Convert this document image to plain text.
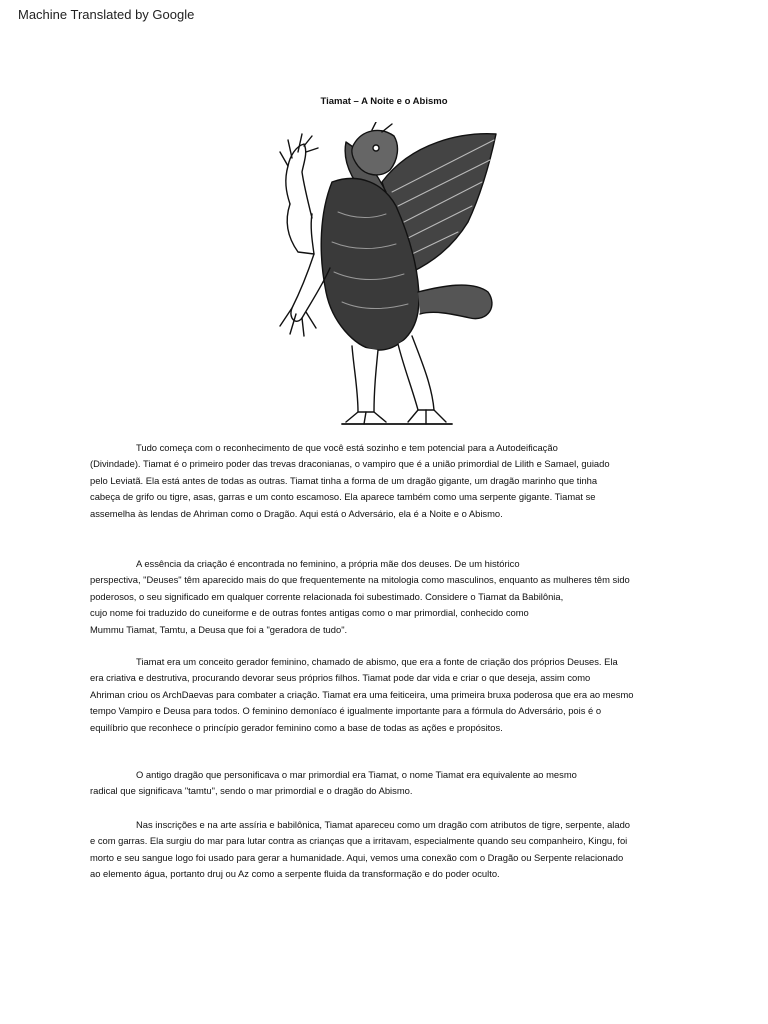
Machine Translated by Google
Tiamat – A Noite e o Abismo
Tudo começa com o reconhecimento de que você está sozinho e tem potencial para a Autodeificação
(Divindade). Tiamat é o primeiro poder das trevas draconianas, o vampiro que é a união primordial de Lilith e Samael, guiado
pelo Leviatã. Ela está antes de todas as outras. Tiamat tinha a forma de um dragão gigante, um dragão marinho que tinha
cabeça de grifo ou tigre, asas, garras e um conto escamoso. Ela aparece também como uma serpente gigante. Tiamat se
assemelha às lendas de Ahriman como o Dragão. Aqui está o Adversário, ela é a Noite e o Abismo.
A essência da criação é encontrada no feminino, a própria mãe dos deuses. De um histórico
perspectiva, "Deuses" têm aparecido mais do que frequentemente na mitologia como masculinos, enquanto as mulheres têm sido
poderosos, o seu significado em qualquer corrente relacionada foi subestimado. Considere o Tiamat da Babilônia,
cujo nome foi traduzido do cuneiforme e de outras fontes antigas como o mar primordial, conhecido como
Mummu Tiamat, Tamtu, a Deusa que foi a "geradora de tudo".
Tiamat era um conceito gerador feminino, chamado de abismo, que era a fonte de criação dos próprios Deuses. Ela
era criativa e destrutiva, procurando devorar seus próprios filhos. Tiamat pode dar vida e criar o que deseja, assim como
Ahriman criou os ArchDaevas para combater a criação. Tiamat era uma feiticeira, uma primeira bruxa poderosa que era ao mesmo
tempo Vampiro e Deusa para todos. O feminino demoníaco é igualmente importante para a fórmula do Adversário, pois é o
equilíbrio que reconhece o princípio gerador feminino como a base de todas as ações e propósitos.
O antigo dragão que personificava o mar primordial era Tiamat, o nome Tiamat era equivalente ao mesmo
radical que significava "tamtu", sendo o mar primordial e o dragão do Abismo.
Nas inscrições e na arte assíria e babilônica, Tiamat apareceu como um dragão com atributos de tigre, serpente, alado
e com garras. Ela surgiu do mar para lutar contra as crianças que a irritavam, especialmente quando seu companheiro, Kingu, foi
morto e seu sangue logo foi usado para gerar a humanidade. Aqui, vemos uma conexão com o Dragão ou Serpente relacionado
ao elemento água, portanto druj ou Az como a serpente fluida da transformação e do poder oculto.
